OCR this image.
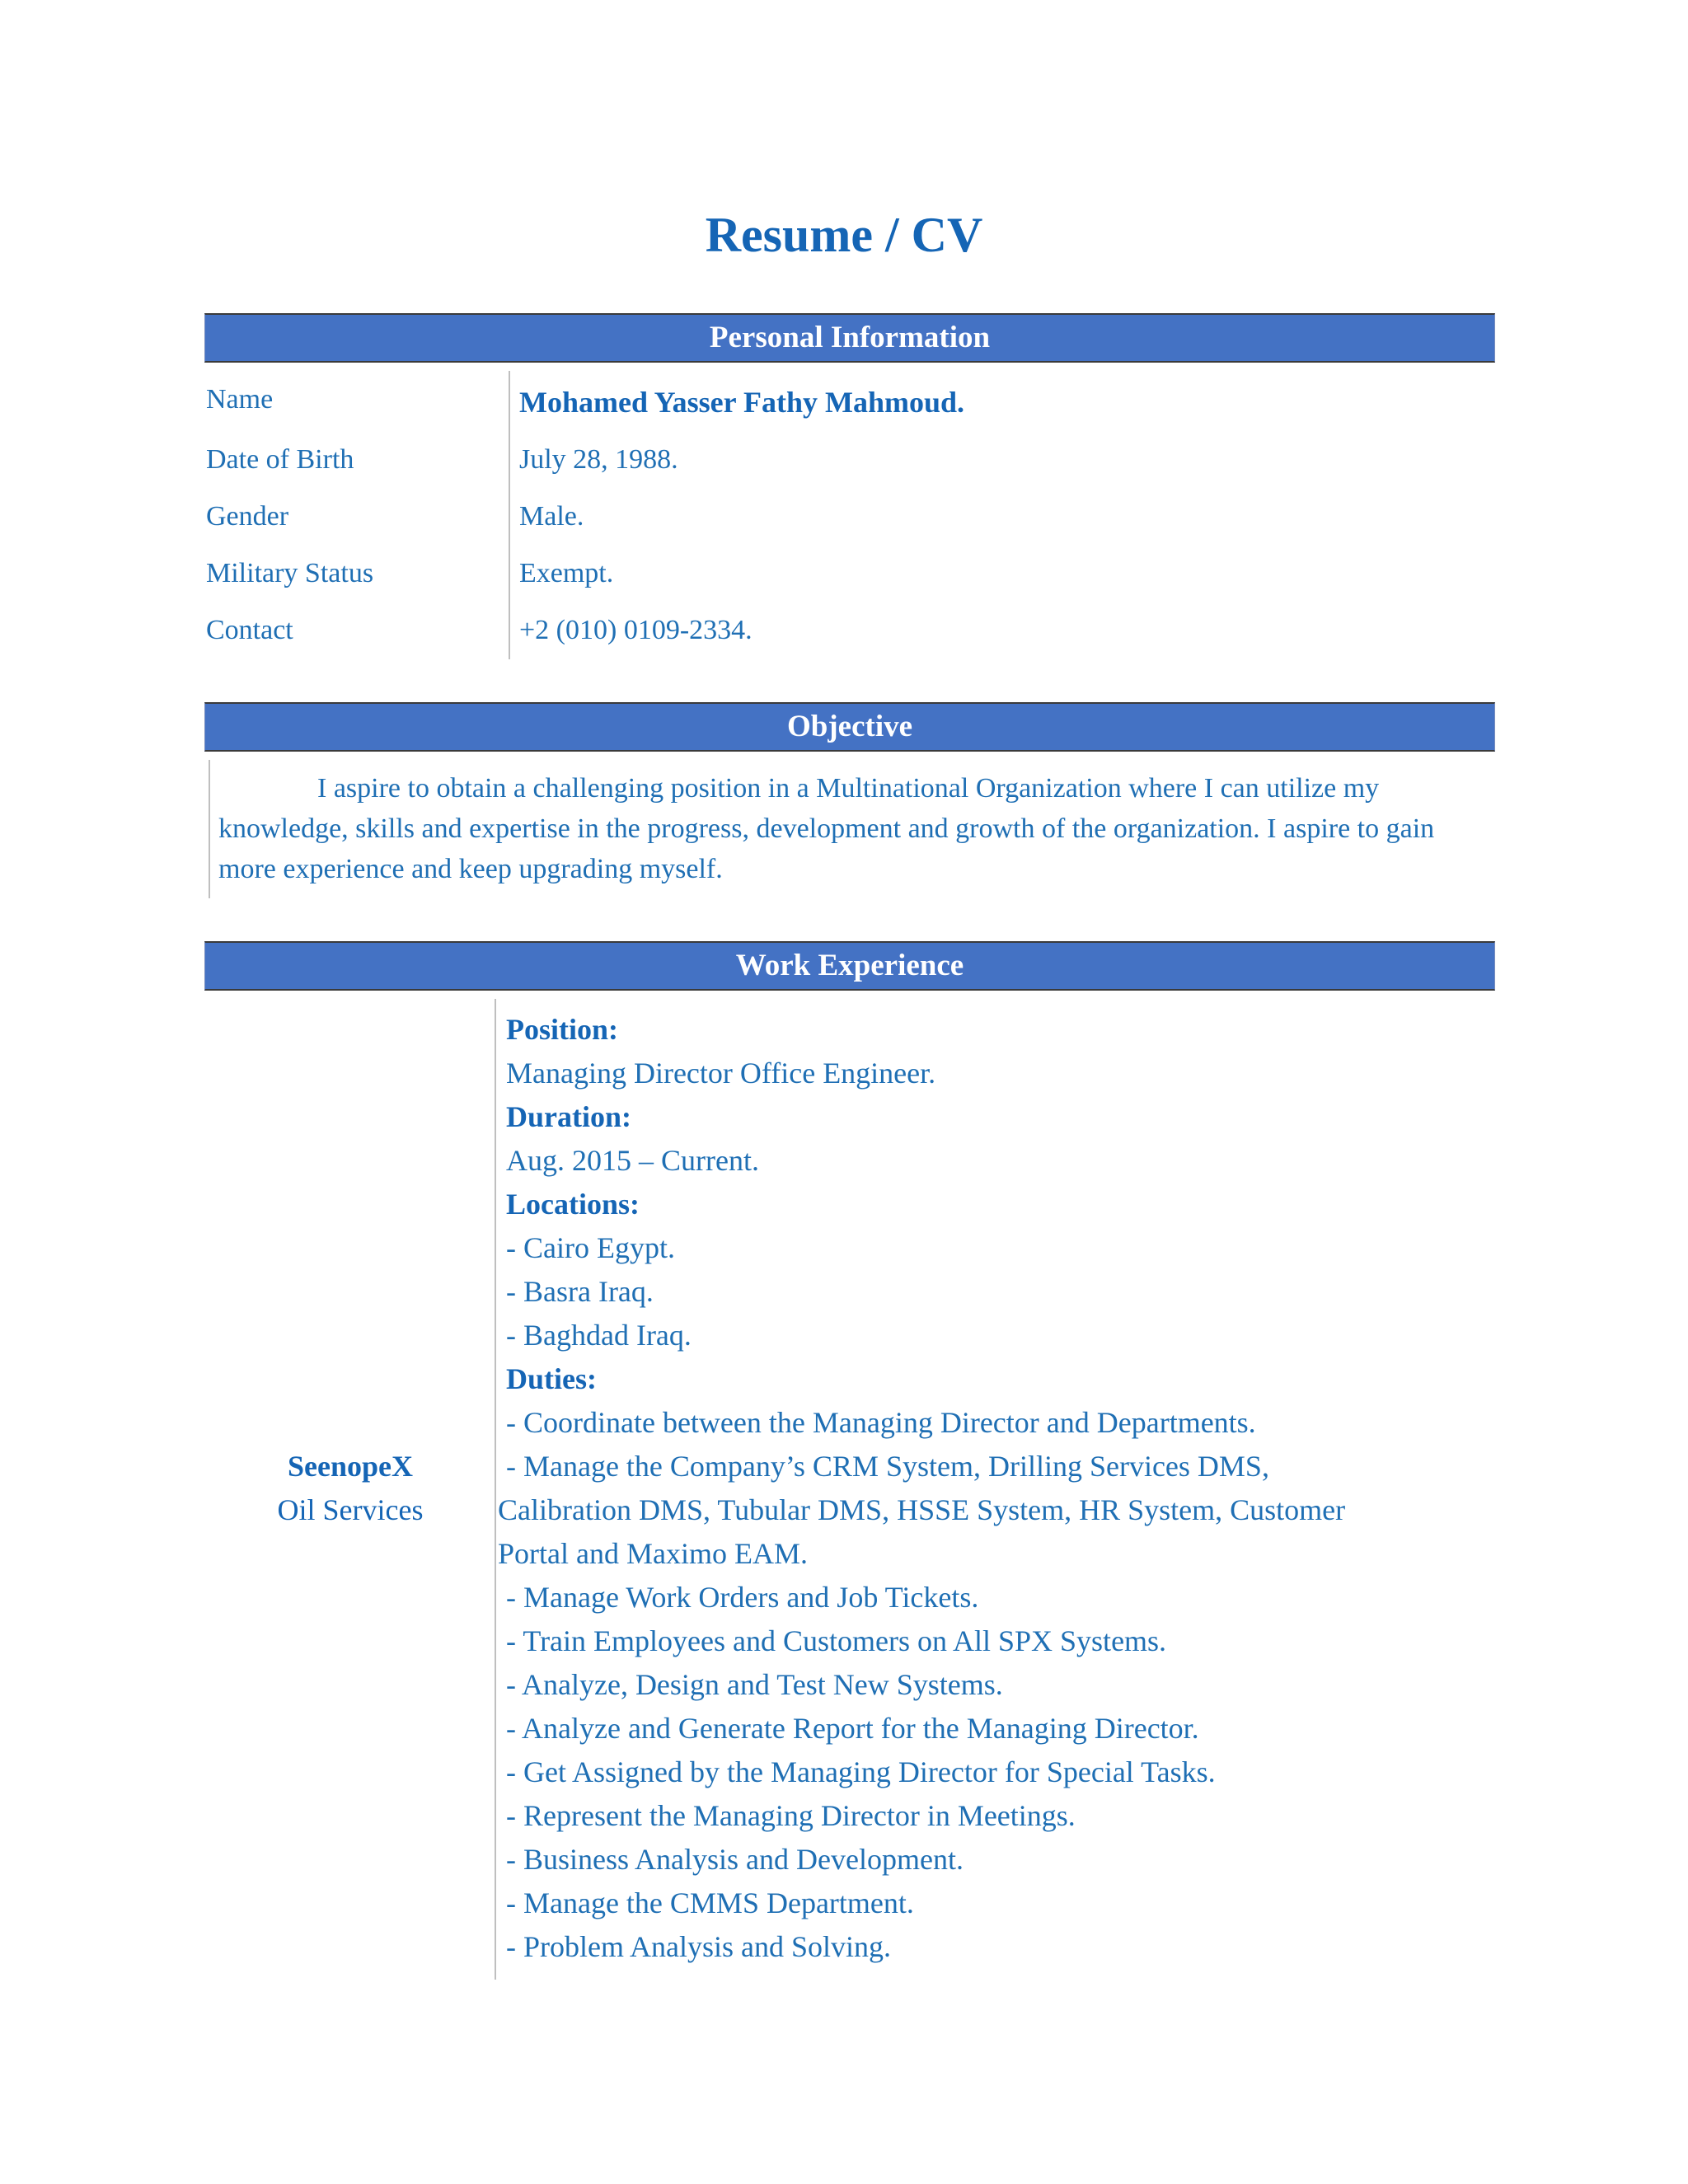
Resume / CV
Personal Information
Name	Mohamed Yasser Fathy Mahmoud.
Date of Birth	July 28, 1988.
Gender	Male.
Military Status	Exempt.
Contact	+2 (010) 0109-2334.
Objective

I aspire to obtain a challenging position in a Multinational Organization where I can utilize my knowledge, skills and expertise in the progress, development and growth of the organization. I aspire to gain more experience and keep upgrading myself.

Work Experience
SeenopeX
Oil Services
Position:
Managing Director Office Engineer.
Duration:
Aug. 2015 – Current.
Locations:
- Cairo Egypt.
- Basra Iraq.
- Baghdad Iraq.
Duties:
- Coordinate between the Managing Director and Departments.
- Manage the Company’s CRM System, Drilling Services DMS,
Calibration DMS, Tubular DMS, HSSE System, HR System, Customer
Portal and Maximo EAM.
- Manage Work Orders and Job Tickets.
- Train Employees and Customers on All SPX Systems.
- Analyze, Design and Test New Systems.
- Analyze and Generate Report for the Managing Director.
- Get Assigned by the Managing Director for Special Tasks.
- Represent the Managing Director in Meetings.
- Business Analysis and Development.
- Manage the CMMS Department.
- Problem Analysis and Solving.
